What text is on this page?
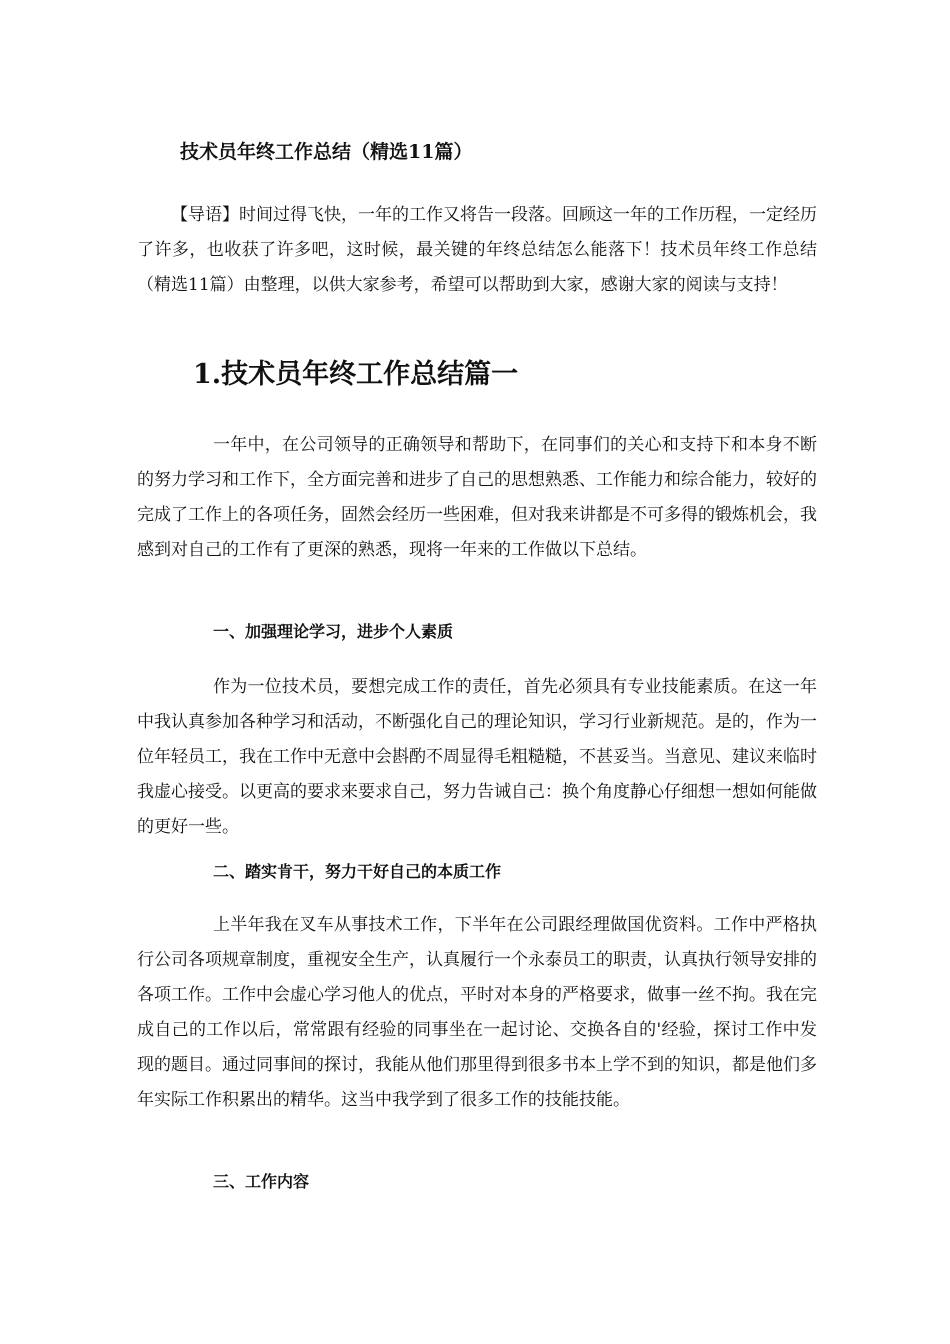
技术员年终工作总结（精选11篇）

【导语】时间过得飞快，一年的工作又将告一段落。回顾这一年的工作历程，一定经历了许多，也收获了许多吧，这时候，最关键的年终总结怎么能落下！技术员年终工作总结（精选11篇）由整理，以供大家参考，希望可以帮助到大家，感谢大家的阅读与支持！

1.技术员年终工作总结篇一

一年中，在公司领导的正确领导和帮助下，在同事们的关心和支持下和本身不断的努力学习和工作下，全方面完善和进步了自己的思想熟悉、工作能力和综合能力，较好的完成了工作上的各项任务，固然会经历一些困难，但对我来讲都是不可多得的锻炼机会，我感到对自己的工作有了更深的熟悉，现将一年来的工作做以下总结。

一、加强理论学习，进步个人素质

作为一位技术员，要想完成工作的责任，首先必须具有专业技能素质。在这一年中我认真参加各种学习和活动，不断强化自己的理论知识，学习行业新规范。是的，作为一位年轻员工，我在工作中无意中会斟酌不周显得毛粗糙糙，不甚妥当。当意见、建议来临时我虚心接受。以更高的要求来要求自己，努力告诫自己：换个角度静心仔细想一想如何能做的更好一些。

二、踏实肯干，努力干好自己的本质工作

上半年我在叉车从事技术工作，下半年在公司跟经理做国优资料。工作中严格执行公司各项规章制度，重视安全生产，认真履行一个永泰员工的职责，认真执行领导安排的各项工作。工作中会虚心学习他人的优点，平时对本身的严格要求，做事一丝不拘。我在完成自己的工作以后，常常跟有经验的同事坐在一起讨论、交换各自的'经验，探讨工作中发现的题目。通过同事间的探讨，我能从他们那里得到很多书本上学不到的知识，都是他们多年实际工作积累出的精华。这当中我学到了很多工作的技能技能。

三、工作内容
